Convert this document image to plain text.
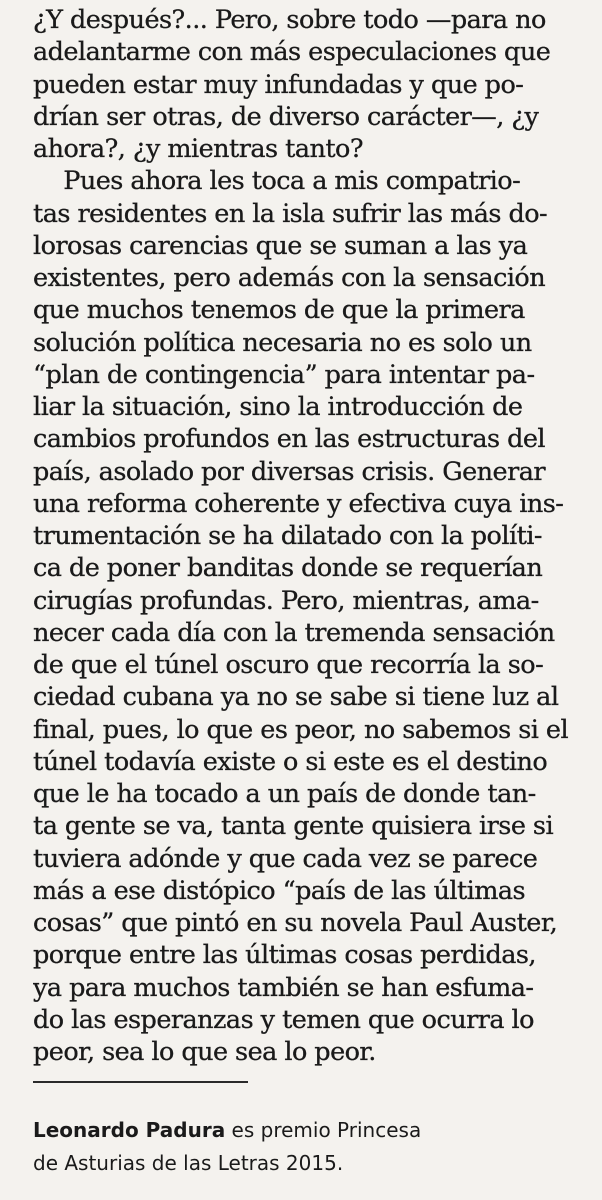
¿Y después?... Pero, sobre todo —para no
adelantarme con más especulaciones que
pueden estar muy infundadas y que po-
drían ser otras, de diverso carácter—, ¿y
ahora?, ¿y mientras tanto?
Pues ahora les toca a mis compatrio-
tas residentes en la isla sufrir las más do-
lorosas carencias que se suman a las ya
existentes, pero además con la sensación
que muchos tenemos de que la primera
solución política necesaria no es solo un
“plan de contingencia” para intentar pa-
liar la situación, sino la introducción de
cambios profundos en las estructuras del
país, asolado por diversas crisis. Generar
una reforma coherente y efectiva cuya ins-
trumentación se ha dilatado con la políti-
ca de poner banditas donde se requerían
cirugías profundas. Pero, mientras, ama-
necer cada día con la tremenda sensación
de que el túnel oscuro que recorría la so-
ciedad cubana ya no se sabe si tiene luz al
final, pues, lo que es peor, no sabemos si el
túnel todavía existe o si este es el destino
que le ha tocado a un país de donde tan-
ta gente se va, tanta gente quisiera irse si
tuviera adónde y que cada vez se parece
más a ese distópico “país de las últimas
cosas” que pintó en su novela Paul Auster,
porque entre las últimas cosas perdidas,
ya para muchos también se han esfuma-
do las esperanzas y temen que ocurra lo
peor, sea lo que sea lo peor.
Leonardo Padura es premio Princesa
de Asturias de las Letras 2015.
